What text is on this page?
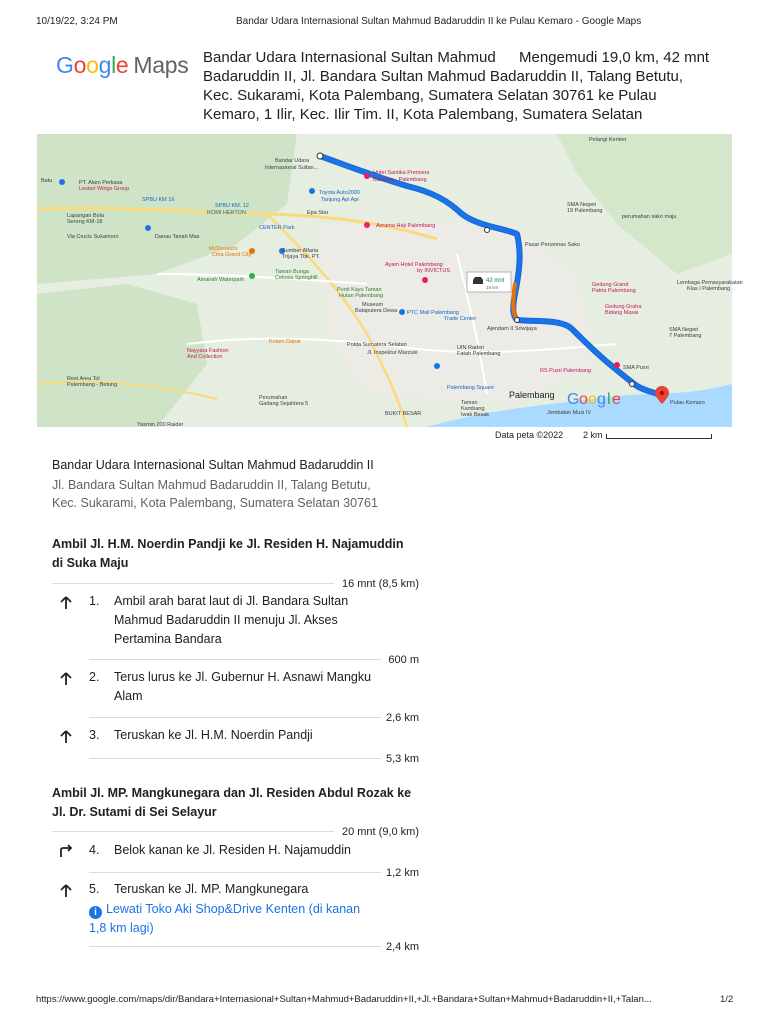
10/19/22, 3:24 PM	Bandar Udara Internasional Sultan Mahmud Badaruddin II ke Pulau Kemaro - Google Maps
Google Maps Bandar Udara Internasional Sultan Mahmud
Badaruddin II, Jl. Bandara Sultan Mahmud Badaruddin II, Talang Betutu,
Kec. Sukarami, Kota Palembang, Sumatera Selatan 30761 ke Pulau
Kemaro, 1 Ilir, Kec. Ilir Tim. II, Kota Palembang, Sumatera Selatan
Mengemudi 19,0 km, 42 mnt
42 mnt
19 km
Bandar Udara
Internasional Sultan...
Pelangi Kenten
Hotel Santika Premiere
Bandara - Palembang
Toyota Auto2000
Tanjung Api Api
Batu	PT. Alam Perkasa
Lestari Wings Group
SPBU KM 16
SPBU KM. 12
ROMI HERTON	Epa Star
Lapangan Bola
Serong KM-18
Via Crucis Sukamoro	Danau Tanah Mas
CENTER Park	Asrama Haji Palembang
SMA Negeri
19 Palembang
perumahan sako maju
Pasar Perumnas Sako
McDonald's
Citra Grand City
Sumber Alfaria
Trijaya Tbk. PT.
Taman Bunga
Celosia Springhill
Amanah Waterpark
Ayam Hotel Palembang
by INVICTUS
Punti Kayu Taman
Hutan Palembang
Gedung Grand
Patria Palembang
Lembaga Pemasyarakatan
Klas I Palembang
Museum
Balaputera Dewa PTC Mall Palembang
Trade Center
Ajendam II Sriwijaya
Gedung Graha
Bidang Masai
SMA Negeri
7 Palembang
Nayyara Fashion
And Collection
Kolam Datuk	Polda Sumatera Selatan	UIN Raden
Fatah Palembang
Jl. Inspektur Marzuki
RS Pusri Palembang	SMA Pusri
Rest Area Tol
Palembang - Betung
Perumahan
Gadang Sejahtera 5
Palembang Square
Taman
Kambang
Iwak Besak
Palembang
BUKIT BESAR	Jembatan Musi IV
Pulau Kemaro
Yasmin 200 Raider
G o o g l e
Data peta ©2022 2 km
Bandar Udara Internasional Sultan Mahmud Badaruddin II
Jl. Bandara Sultan Mahmud Badaruddin II, Talang Betutu,
Kec. Sukarami, Kota Palembang, Sumatera Selatan 30761
Ambil Jl. H.M. Noerdin Pandji ke Jl. Residen H. Najamuddin
di Suka Maju
16 mnt (8,5 km)
1. Ambil arah barat laut di Jl. Bandara Sultan
Mahmud Badaruddin II menuju Jl. Akses
Pertamina Bandara
600 m
2. Terus lurus ke Jl. Gubernur H. Asnawi Mangku
Alam
2,6 km
3. Teruskan ke Jl. H.M. Noerdin Pandji
5,3 km
Ambil Jl. MP. Mangkunegara dan Jl. Residen Abdul Rozak ke
Jl. Dr. Sutami di Sei Selayur
20 mnt (9,0 km)
4. Belok kanan ke Jl. Residen H. Najamuddin
1,2 km
5. Teruskan ke Jl. MP. Mangkunegara
i Lewati Toko Aki Shop&Drive Kenten (di kanan
1,8 km lagi)
2,4 km
https://www.google.com/maps/dir/Bandara+Internasional+Sultan+Mahmud+Badaruddin+II,+Jl.+Bandara+Sultan+Mahmud+Badaruddin+II,+Talan...	1/2
